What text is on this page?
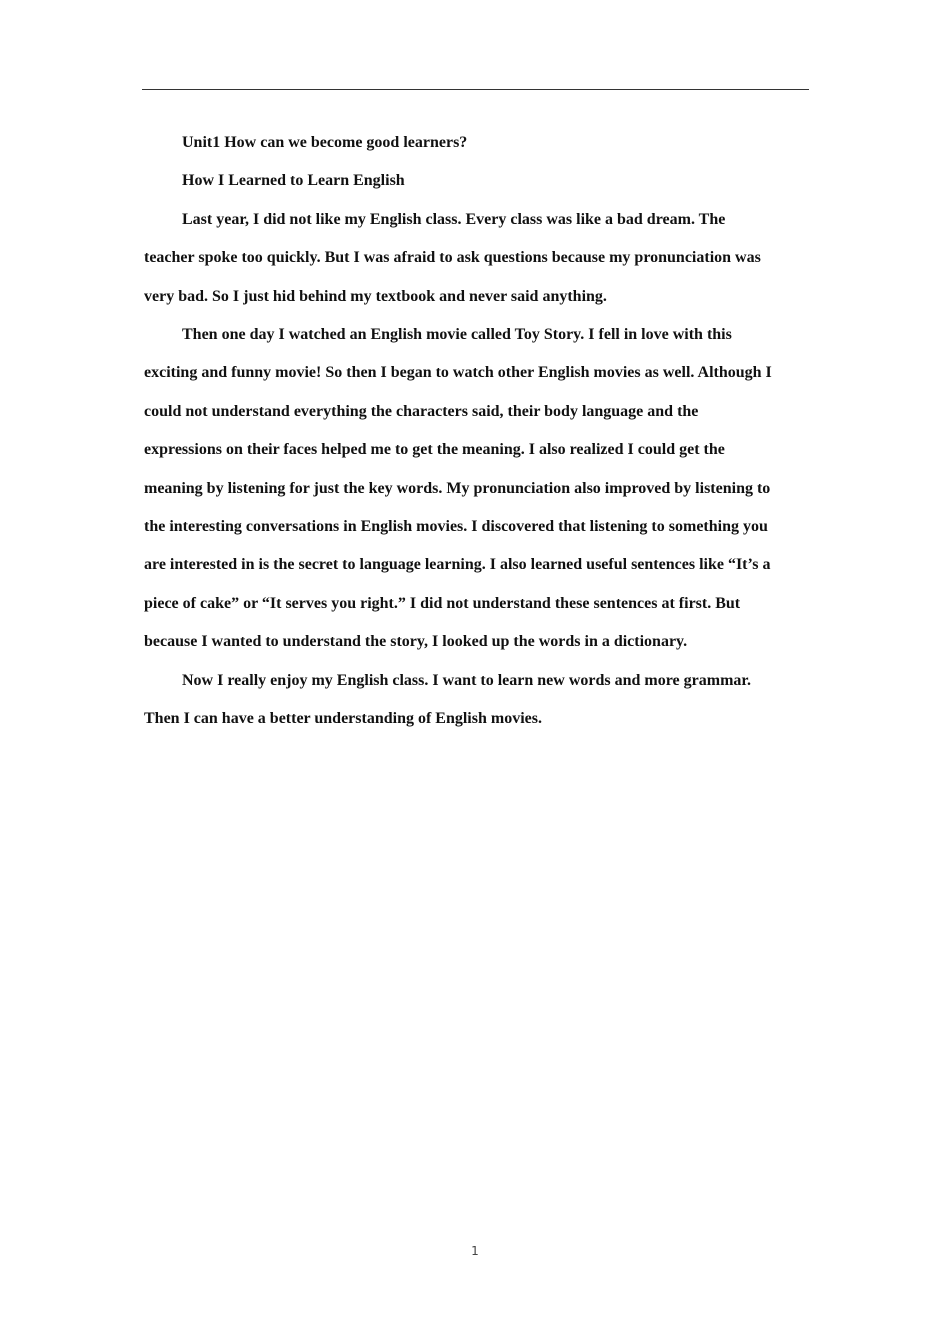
Unit1 How can we become good learners?

How I Learned to Learn English

Last year, I did not like my English class. Every class was like a bad dream. The
teacher spoke too quickly. But I was afraid to ask questions because my pronunciation was
very bad. So I just hid behind my textbook and never said anything.

Then one day I watched an English movie called Toy Story. I fell in love with this
exciting and funny movie! So then I began to watch other English movies as well. Although I
could not understand everything the characters said, their body language and the
expressions on their faces helped me to get the meaning. I also realized I could get the
meaning by listening for just the key words. My pronunciation also improved by listening to
the interesting conversations in English movies. I discovered that listening to something you
are interested in is the secret to language learning. I also learned useful sentences like “It’s a
piece of cake” or “It serves you right.” I did not understand these sentences at first. But
because I wanted to understand the story, I looked up the words in a dictionary.

Now I really enjoy my English class. I want to learn new words and more grammar.
Then I can have a better understanding of English movies.

1
